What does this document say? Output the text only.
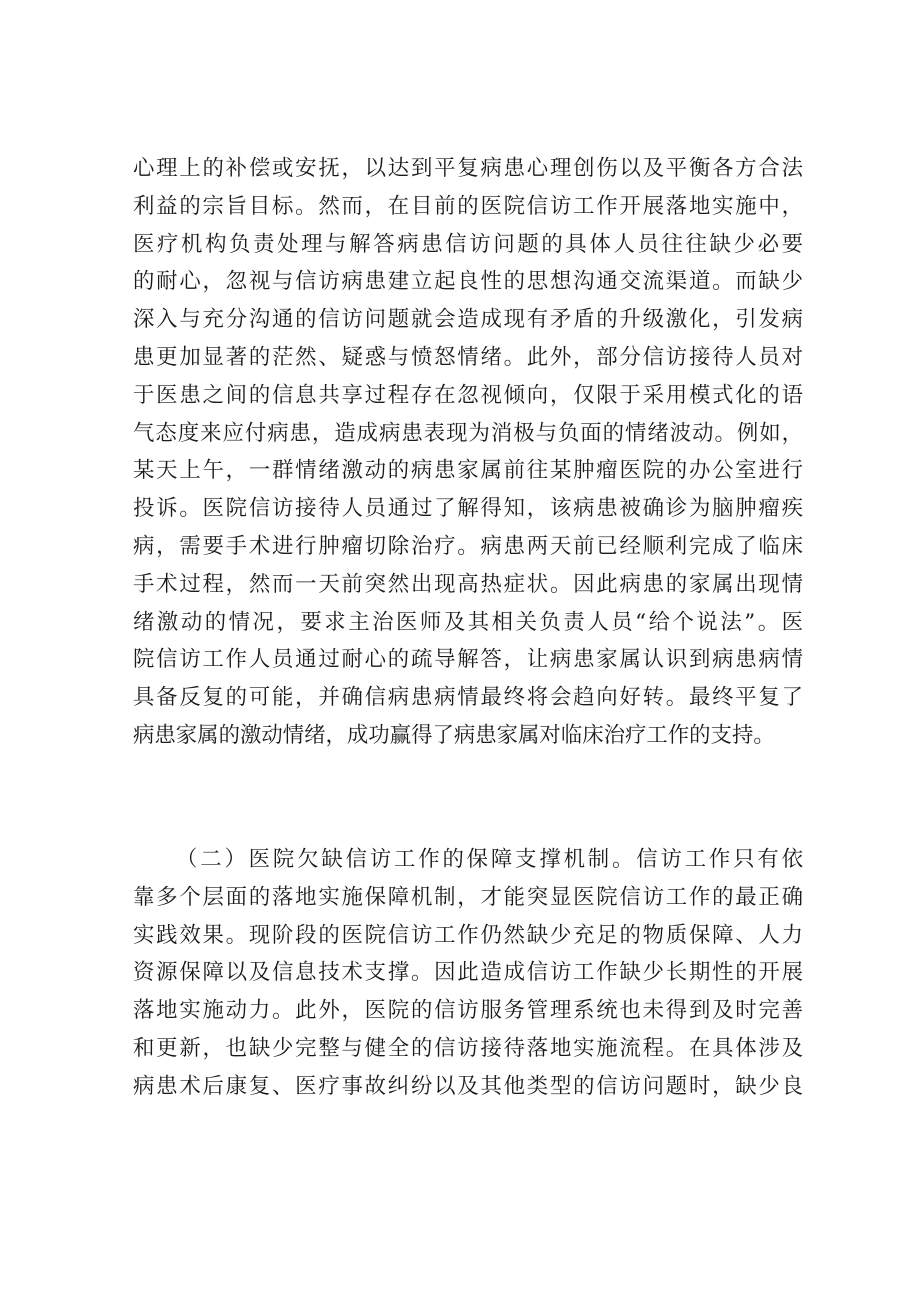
心理上的补偿或安抚，以达到平复病患心理创伤以及平衡各方合法
利益的宗旨目标。然而，在目前的医院信访工作开展落地实施中，
医疗机构负责处理与解答病患信访问题的具体人员往往缺少必要
的耐心，忽视与信访病患建立起良性的思想沟通交流渠道。而缺少
深入与充分沟通的信访问题就会造成现有矛盾的升级激化，引发病
患更加显著的茫然、疑惑与愤怒情绪。此外，部分信访接待人员对
于医患之间的信息共享过程存在忽视倾向，仅限于采用模式化的语
气态度来应付病患，造成病患表现为消极与负面的情绪波动。例如，
某天上午，一群情绪激动的病患家属前往某肿瘤医院的办公室进行
投诉。医院信访接待人员通过了解得知，该病患被确诊为脑肿瘤疾
病，需要手术进行肿瘤切除治疗。病患两天前已经顺利完成了临床
手术过程，然而一天前突然出现高热症状。因此病患的家属出现情
绪激动的情况，要求主治医师及其相关负责人员“给个说法”。医
院信访工作人员通过耐心的疏导解答，让病患家属认识到病患病情
具备反复的可能，并确信病患病情最终将会趋向好转。最终平复了
病患家属的激动情绪，成功赢得了病患家属对临床治疗工作的支持。
（二）医院欠缺信访工作的保障支撑机制。信访工作只有依
靠多个层面的落地实施保障机制，才能突显医院信访工作的最正确
实践效果。现阶段的医院信访工作仍然缺少充足的物质保障、人力
资源保障以及信息技术支撑。因此造成信访工作缺少长期性的开展
落地实施动力。此外，医院的信访服务管理系统也未得到及时完善
和更新，也缺少完整与健全的信访接待落地实施流程。在具体涉及
病患术后康复、医疗事故纠纷以及其他类型的信访问题时，缺少良
